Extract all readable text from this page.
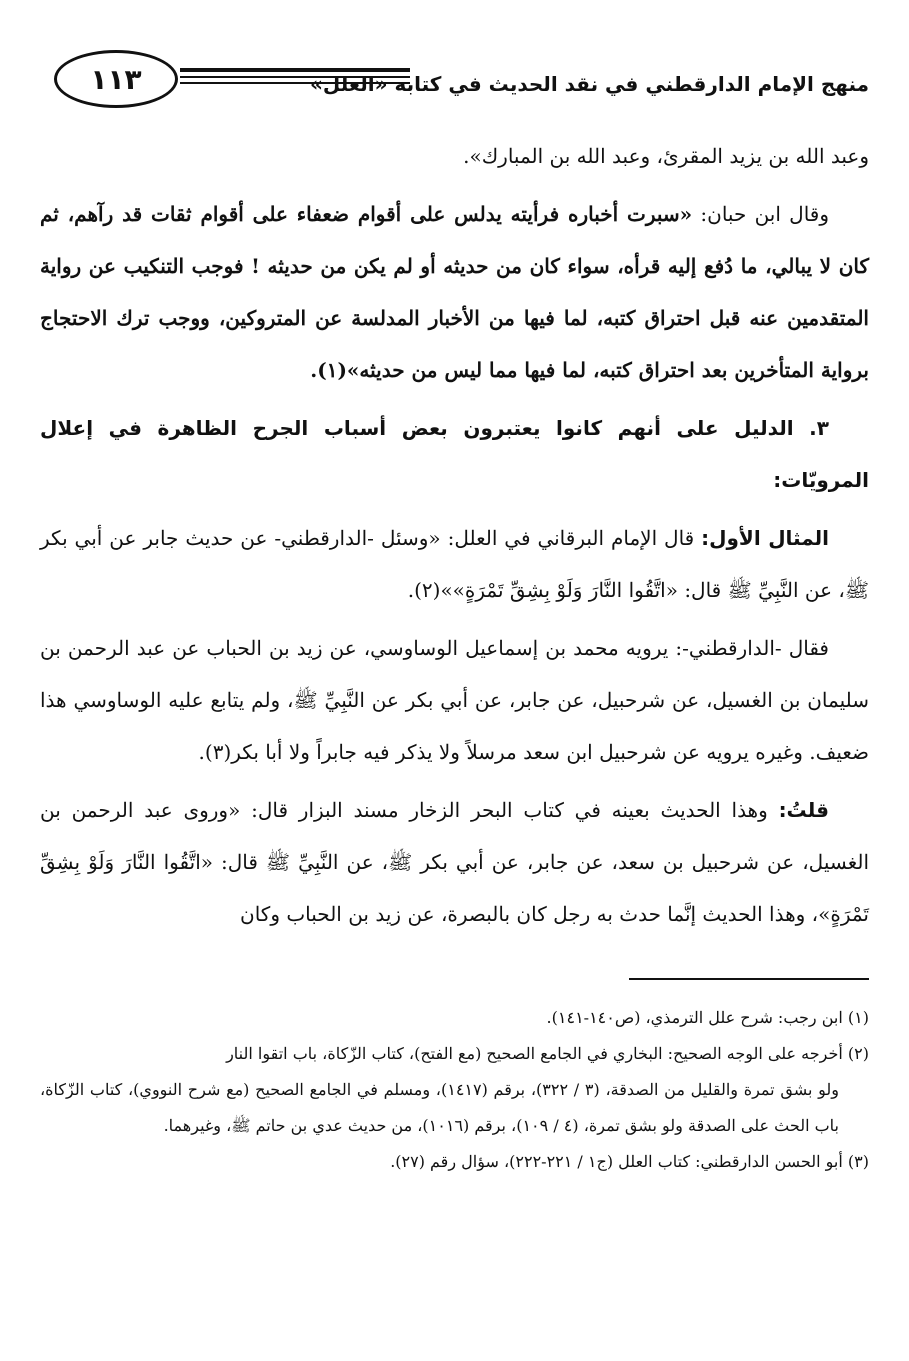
١١٣	منهج الإمام الدارقطني في نقد الحديث في كتابه «العلل»

وعبد الله بن يزيد المقرئ، وعبد الله بن المبارك».

وقال ابن حبان: «سبرت أخباره فرأيته يدلس على أقوام ضعفاء على أقوام ثقات قد رآهم، ثم كان لا يبالي، ما دُفع إليه قرأه، سواء كان من حديثه أو لم يكن من حديثه ! فوجب التنكيب عن رواية المتقدمين عنه قبل احتراق كتبه، لما فيها من الأخبار المدلسة عن المتروكين، ووجب ترك الاحتجاج برواية المتأخرين بعد احتراق كتبه، لما فيها مما ليس من حديثه»(١).

٣. الدليل على أنهم كانوا يعتبرون بعض أسباب الجرح الظاهرة في إعلال المرويّات:

المثال الأول: قال الإمام البرقاني في العلل: «وسئل -الدارقطني- عن حديث جابر عن أبي بكر ﷺ، عن النَّبِيِّ ﷺ قال: «اتَّقُوا النَّارَ وَلَوْ بِشِقِّ تَمْرَةٍ»»(٢).

فقال -الدارقطني-: يرويه محمد بن إسماعيل الوساوسي، عن زيد بن الحباب عن عبد الرحمن بن سليمان بن الغسيل، عن شرحبيل، عن جابر، عن أبي بكر عن النَّبِيِّ ﷺ، ولم يتابع عليه الوساوسي هذا ضعيف. وغيره يرويه عن شرحبيل ابن سعد مرسلاً ولا يذكر فيه جابراً ولا أبا بكر(٣).

قلتُ: وهذا الحديث بعينه في كتاب البحر الزخار مسند البزار قال: «وروى عبد الرحمن بن الغسيل، عن شرحبيل بن سعد، عن جابر، عن أبي بكر ﷺ، عن النَّبِيِّ ﷺ قال: «اتَّقُوا النَّارَ وَلَوْ بِشِقِّ تَمْرَةٍ»، وهذا الحديث إنَّما حدث به رجل كان بالبصرة، عن زيد بن الحباب وكان

(١) ابن رجب: شرح علل الترمذي، (ص١٤٠-١٤١).

(٢) أخرجه على الوجه الصحيح: البخاري في الجامع الصحيح (مع الفتح)، كتاب الزّكاة، باب اتقوا النار

ولو بشق تمرة والقليل من الصدقة، (٣ / ٣٢٢)، برقم (١٤١٧)، ومسلم في الجامع الصحيح (مع شرح النووي)، كتاب الزّكاة، باب الحث على الصدقة ولو بشق تمرة، (٤ / ١٠٩)، برقم (١٠١٦)، من حديث عدي بن حاتم ﷺ، وغيرهما.

(٣) أبو الحسن الدارقطني: كتاب العلل (ج١ / ٢٢١-٢٢٢)، سؤال رقم (٢٧).
